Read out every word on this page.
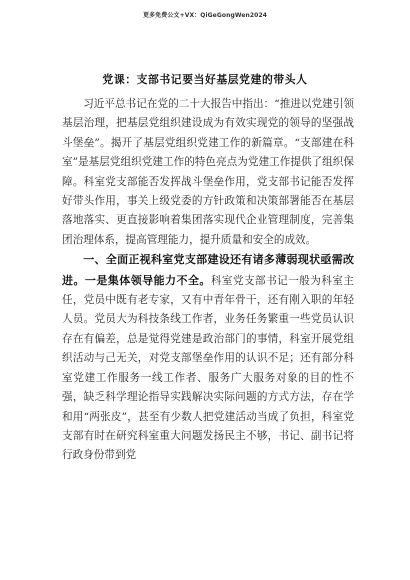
更多免费公文+VX：QiGeGongWen2024
党课：支部书记要当好基层党建的带头人

习近平总书记在党的二十大报告中指出：“推进以党建引领基层治理，把基层党组织建设成为有效实现党的领导的坚强战斗堡垒”。揭开了基层党组织党建工作的新篇章。“支部建在科室”是基层党组织党建工作的特色亮点为党建工作提供了组织保障。科室党支部能否发挥战斗堡垒作用，党支部书记能否发挥好带头作用，事关上级党委的方针政策和决策部署能否在基层落地落实、更直接影响着集团落实现代企业管理制度，完善集团治理体系，提高管理能力，提升质量和安全的成效。

一、全面正视科室党支部建设还有诸多薄弱现状亟需改进。一是集体领导能力不全。科室党支部书记一般为科室主任，党员中既有老专家，又有中青年骨干，还有刚入职的年轻人员。党员大为科技条线工作者，业务任务繁重一些党员认识存在有偏差，总是觉得党建是政治部门的事情，科室开展党组织活动与己无关，对党支部堡垒作用的认识不足；还有部分科室党建工作服务一线工作者、服务广大服务对象的目的性不强，缺乏科学理论指导实践解决实际问题的方式方法，存在学和用“两张皮”，甚至有少数人把党建活动当成了负担，科室党支部有时在研究科室重大问题发扬民主不够，书记、副书记将行政身份带到党
